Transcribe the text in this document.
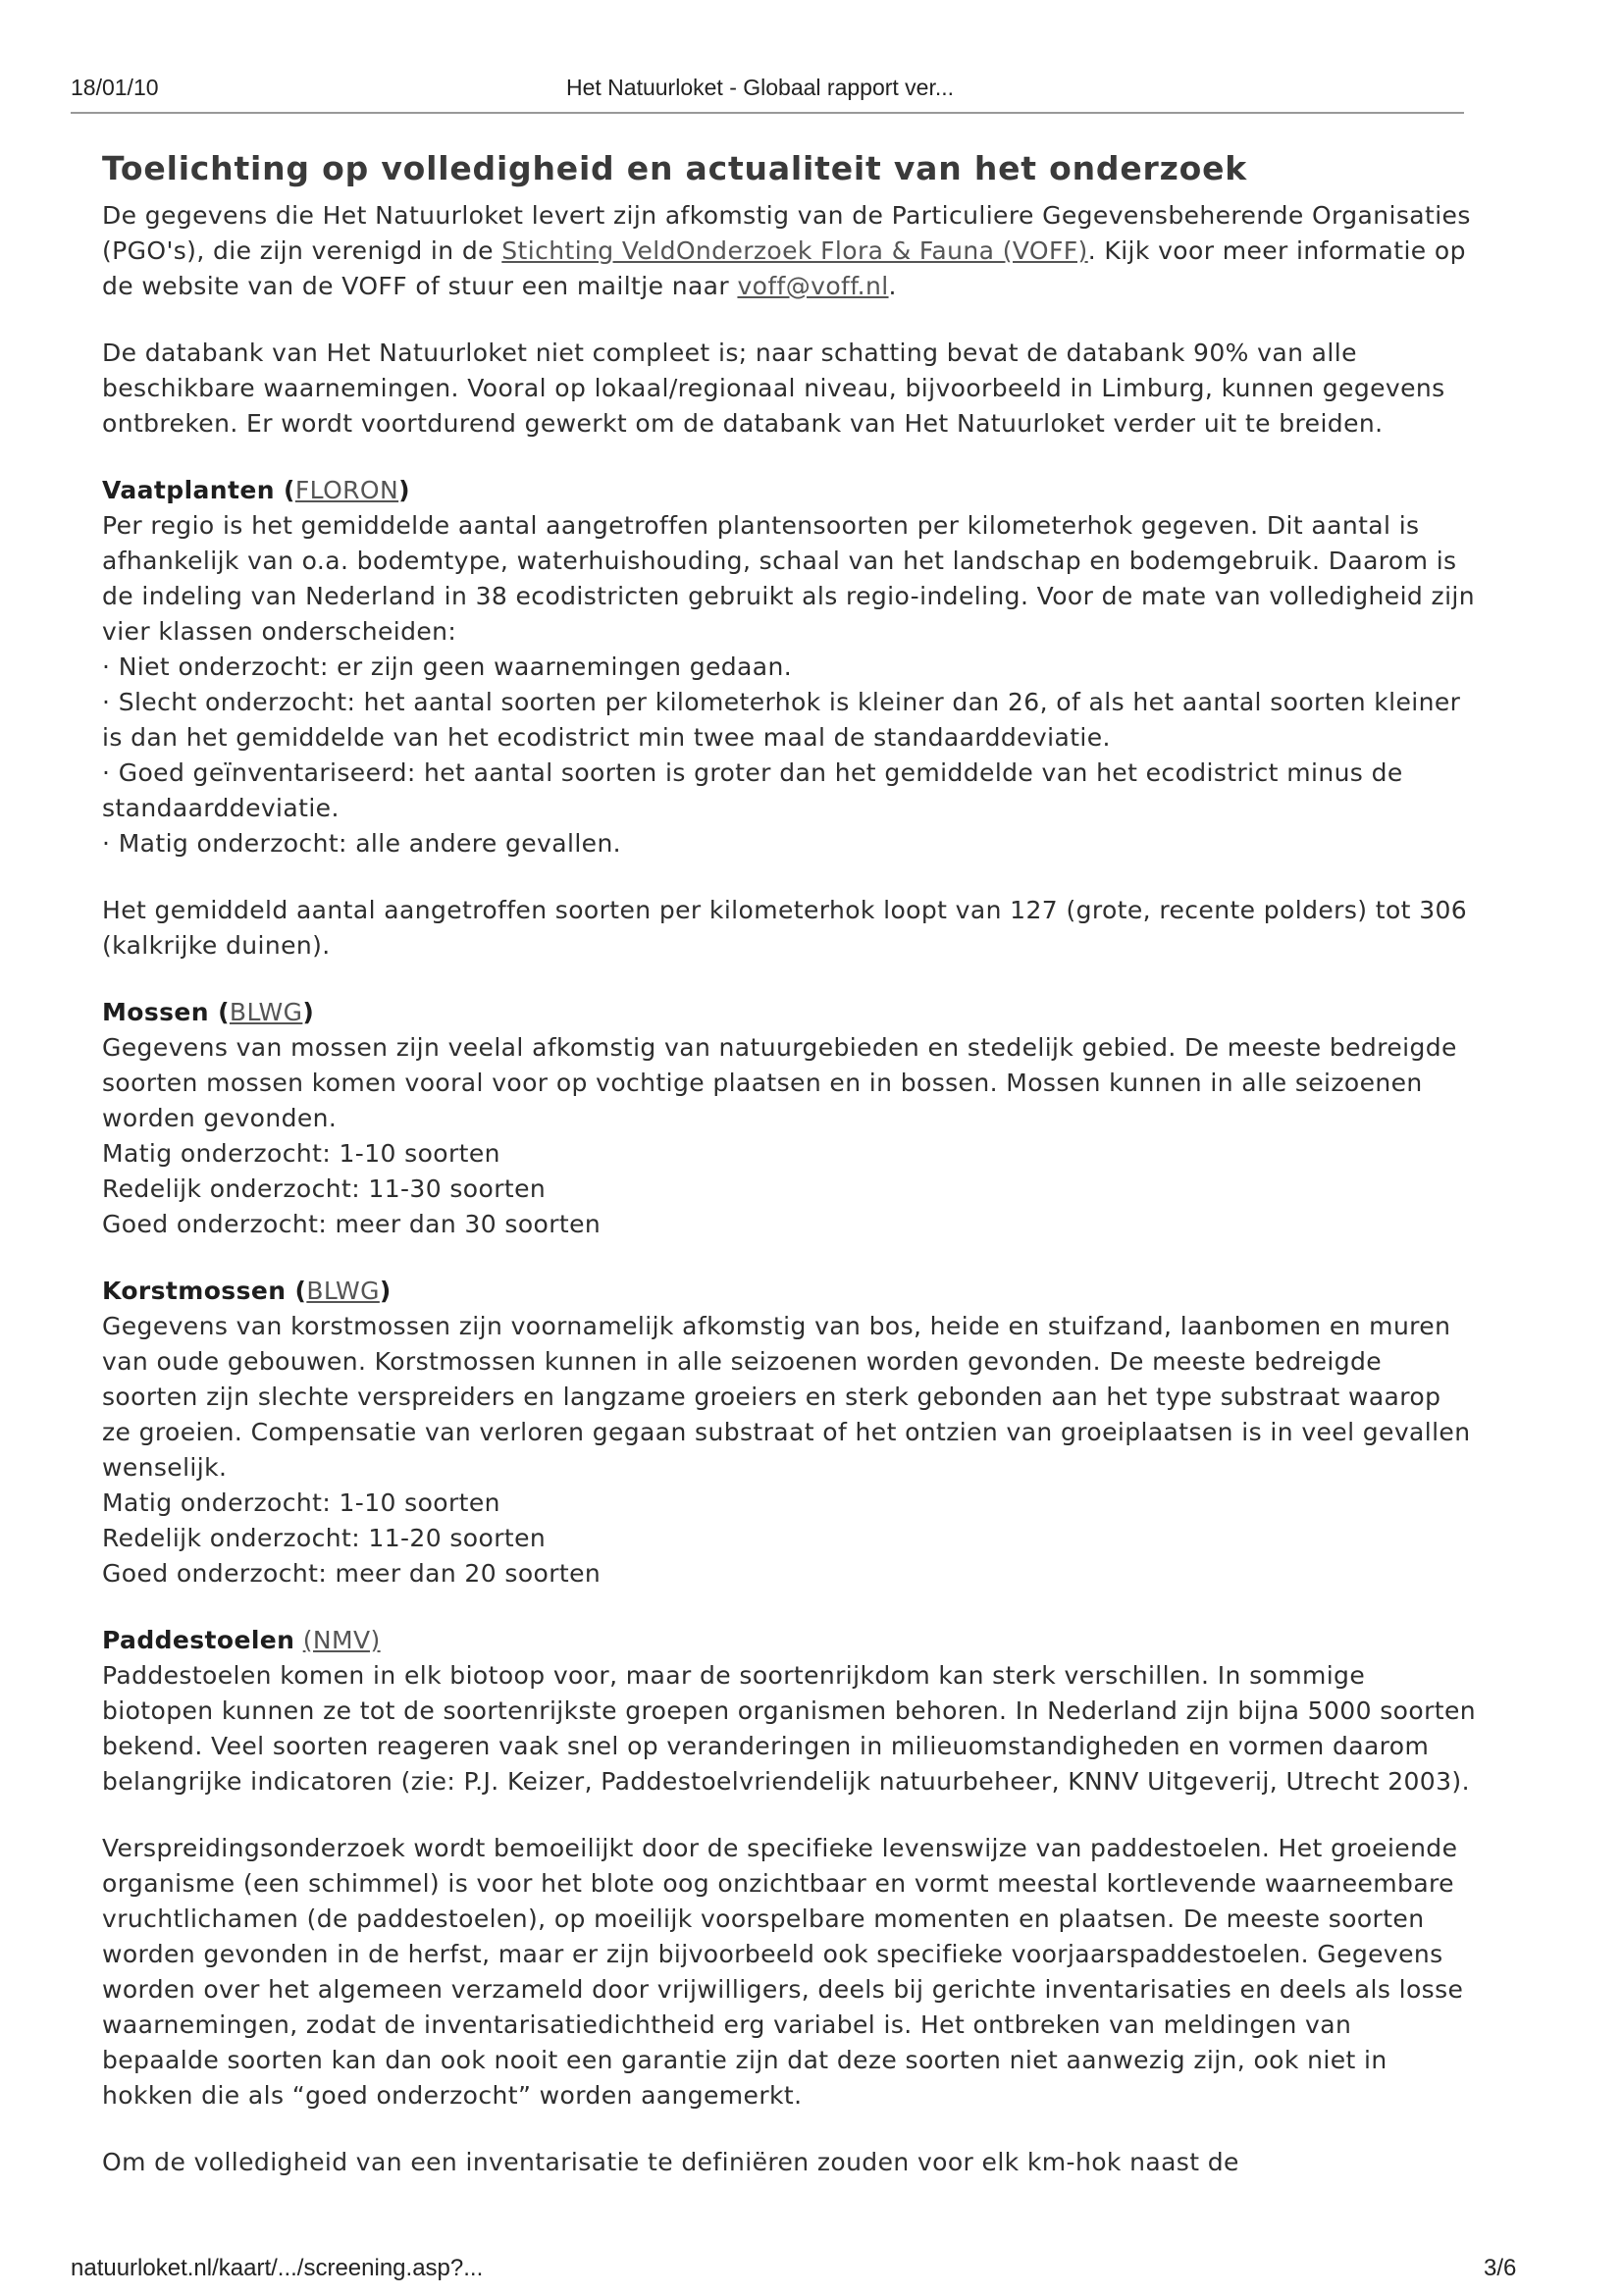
18/01/10	Het Natuurloket - Globaal rapport ver...
Toelichting op volledigheid en actualiteit van het onderzoek

De gegevens die Het Natuurloket levert zijn afkomstig van de Particuliere Gegevensbeherende Organisaties (PGO's), die zijn verenigd in de Stichting VeldOnderzoek Flora & Fauna (VOFF). Kijk voor meer informatie op de website van de VOFF of stuur een mailtje naar voff@voff.nl.

De databank van Het Natuurloket niet compleet is; naar schatting bevat de databank 90% van alle beschikbare waarnemingen. Vooral op lokaal/regionaal niveau, bijvoorbeeld in Limburg, kunnen gegevens ontbreken. Er wordt voortdurend gewerkt om de databank van Het Natuurloket verder uit te breiden.

Vaatplanten (FLORON)
Per regio is het gemiddelde aantal aangetroffen plantensoorten per kilometerhok gegeven. Dit aantal is afhankelijk van o.a. bodemtype, waterhuishouding, schaal van het landschap en bodemgebruik. Daarom is de indeling van Nederland in 38 ecodistricten gebruikt als regio-indeling. Voor de mate van volledigheid zijn vier klassen onderscheiden:
· Niet onderzocht: er zijn geen waarnemingen gedaan.
· Slecht onderzocht: het aantal soorten per kilometerhok is kleiner dan 26, of als het aantal soorten kleiner is dan het gemiddelde van het ecodistrict min twee maal de standaarddeviatie.
· Goed geïnventariseerd: het aantal soorten is groter dan het gemiddelde van het ecodistrict minus de standaarddeviatie.
· Matig onderzocht: alle andere gevallen.

Het gemiddeld aantal aangetroffen soorten per kilometerhok loopt van 127 (grote, recente polders) tot 306 (kalkrijke duinen).

Mossen (BLWG)
Gegevens van mossen zijn veelal afkomstig van natuurgebieden en stedelijk gebied. De meeste bedreigde soorten mossen komen vooral voor op vochtige plaatsen en in bossen. Mossen kunnen in alle seizoenen worden gevonden.
Matig onderzocht: 1-10 soorten
Redelijk onderzocht: 11-30 soorten
Goed onderzocht: meer dan 30 soorten
Korstmossen (BLWG)
Gegevens van korstmossen zijn voornamelijk afkomstig van bos, heide en stuifzand, laanbomen en muren van oude gebouwen. Korstmossen kunnen in alle seizoenen worden gevonden. De meeste bedreigde soorten zijn slechte verspreiders en langzame groeiers en sterk gebonden aan het type substraat waarop ze groeien. Compensatie van verloren gegaan substraat of het ontzien van groeiplaatsen is in veel gevallen wenselijk.
Matig onderzocht: 1-10 soorten
Redelijk onderzocht: 11-20 soorten
Goed onderzocht: meer dan 20 soorten
Paddestoelen (NMV)
Paddestoelen komen in elk biotoop voor, maar de soortenrijkdom kan sterk verschillen. In sommige biotopen kunnen ze tot de soortenrijkste groepen organismen behoren. In Nederland zijn bijna 5000 soorten bekend. Veel soorten reageren vaak snel op veranderingen in milieuomstandigheden en vormen daarom belangrijke indicatoren (zie: P.J. Keizer, Paddestoelvriendelijk natuurbeheer, KNNV Uitgeverij, Utrecht 2003).

Verspreidingsonderzoek wordt bemoeilijkt door de specifieke levenswijze van paddestoelen. Het groeiende organisme (een schimmel) is voor het blote oog onzichtbaar en vormt meestal kortlevende waarneembare vruchtlichamen (de paddestoelen), op moeilijk voorspelbare momenten en plaatsen. De meeste soorten worden gevonden in de herfst, maar er zijn bijvoorbeeld ook specifieke voorjaarspaddestoelen. Gegevens worden over het algemeen verzameld door vrijwilligers, deels bij gerichte inventarisaties en deels als losse waarnemingen, zodat de inventarisatiedichtheid erg variabel is. Het ontbreken van meldingen van bepaalde soorten kan dan ook nooit een garantie zijn dat deze soorten niet aanwezig zijn, ook niet in hokken die als “goed onderzocht” worden aangemerkt.

Om de volledigheid van een inventarisatie te definiëren zouden voor elk km-hok naast de

natuurloket.nl/kaart/.../screening.asp?...	3/6
